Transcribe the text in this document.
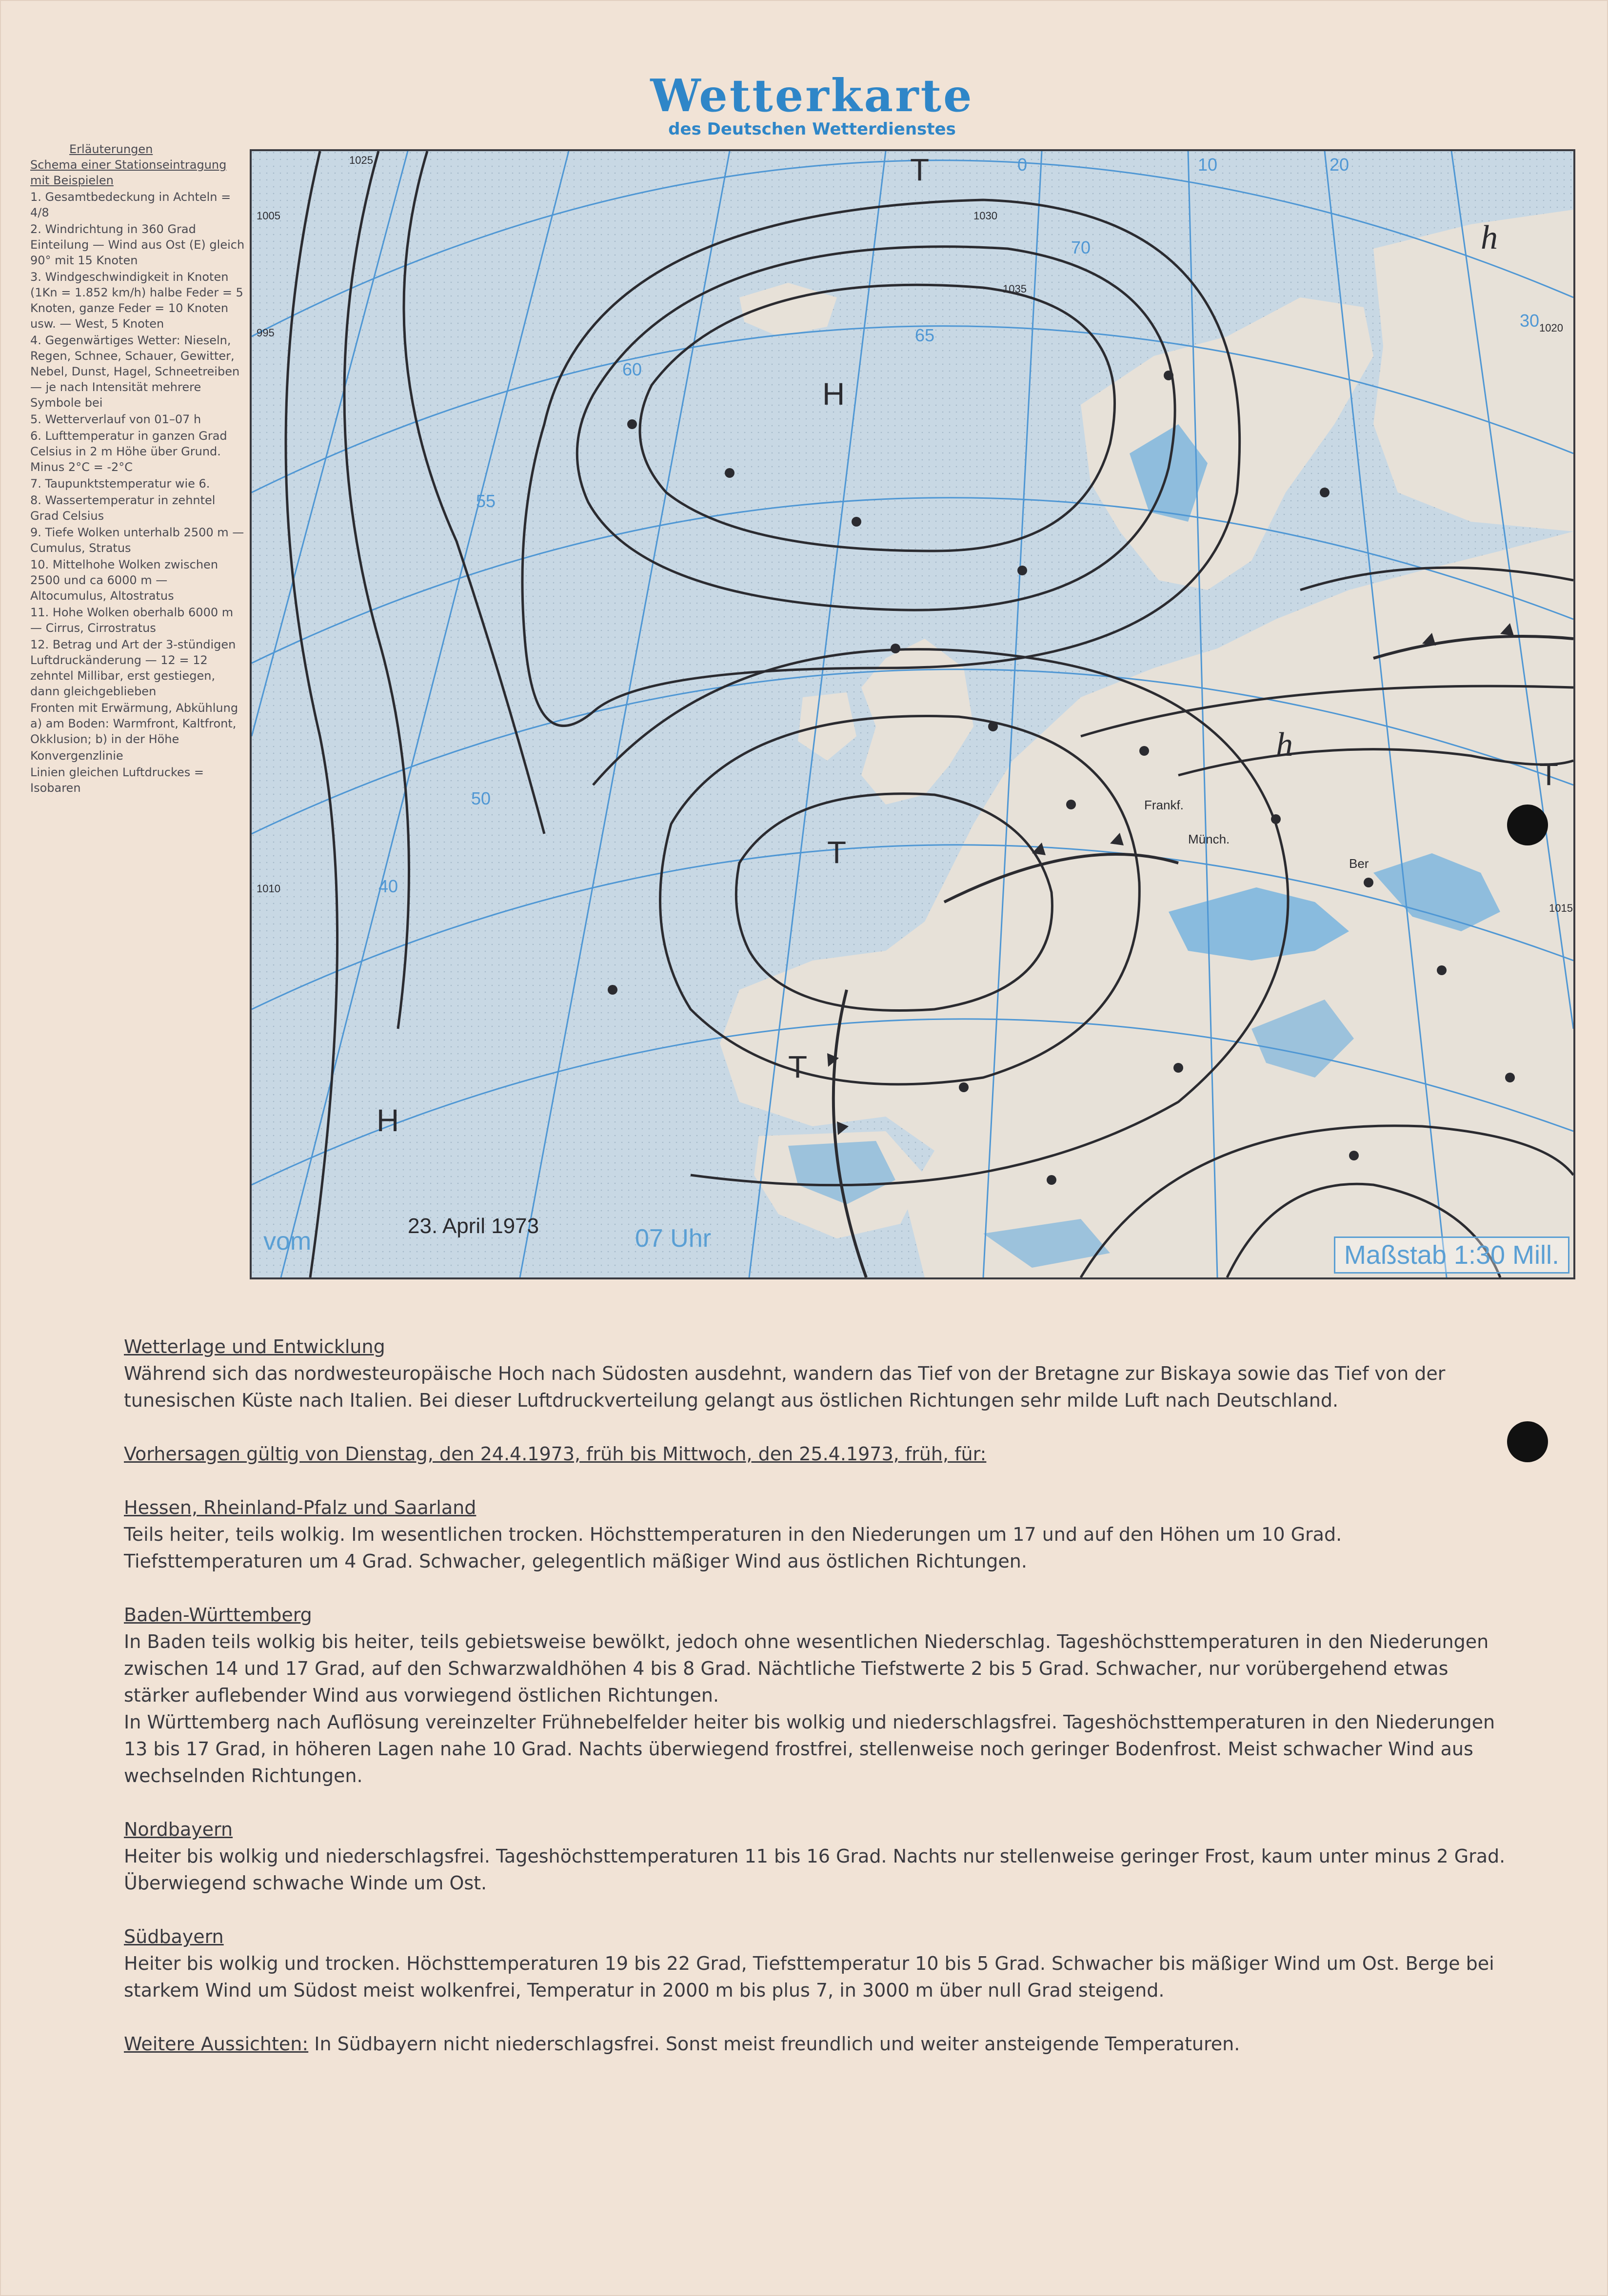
Wetterkarte
des Deutschen Wetterdienstes
Erläuterungen
Schema einer Stationseintragung mit Beispielen
1. Gesamtbedeckung in Achteln = 4/8
2. Windrichtung in 360 Grad Einteilung — Wind aus Ost (E) gleich 90° mit 15 Knoten
3. Windgeschwindigkeit in Knoten (1Kn = 1.852 km/h) halbe Feder = 5 Knoten, ganze Feder = 10 Knoten usw. — West, 5 Knoten
4. Gegenwärtiges Wetter: Nieseln, Regen, Schnee, Schauer, Gewitter, Nebel, Dunst, Hagel, Schneetreiben — je nach Intensität mehrere Symbole bei
5. Wetterverlauf von 01–07 h
6. Lufttemperatur in ganzen Grad Celsius in 2 m Höhe über Grund. Minus 2°C = -2°C
7. Taupunktstemperatur wie 6.
8. Wassertemperatur in zehntel Grad Celsius
9. Tiefe Wolken unterhalb 2500 m — Cumulus, Stratus
10. Mittelhohe Wolken zwischen 2500 und ca 6000 m — Altocumulus, Altostratus
11. Hohe Wolken oberhalb 6000 m — Cirrus, Cirrostratus
12. Betrag und Art der 3-stündigen Luftdruckänderung — 12 = 12 zehntel Millibar, erst gestiegen, dann gleichgeblieben
Fronten mit Erwärmung, Abkühlung a) am Boden: Warmfront, Kaltfront, Okklusion; b) in der Höhe
Konvergenzlinie
Linien gleichen Luftdruckes = Isobaren
H
H
T
T
T
T
h
h
1035
1030
1025
1020
1015
1010
1005
995
0	10	20
30
50
55
60
65
70
40
Frankf.
Münch.
Ber
vom
23. April 1973	07 Uhr
Maßstab 1:30 Mill.
Wetterlage und Entwicklung
Während sich das nordwesteuropäische Hoch nach Südosten ausdehnt, wandern das Tief von der Bretagne zur Biskaya sowie das Tief von der tunesischen Küste nach Italien. Bei dieser Luftdruckverteilung gelangt aus östlichen Richtungen sehr milde Luft nach Deutschland.
Vorhersagen gültig von Dienstag, den 24.4.1973, früh bis Mittwoch, den 25.4.1973, früh, für:
Hessen, Rheinland-Pfalz und Saarland
Teils heiter, teils wolkig. Im wesentlichen trocken. Höchsttemperaturen in den Niederungen um 17 und auf den Höhen um 10 Grad. Tiefsttemperaturen um 4 Grad. Schwacher, gelegentlich mäßiger Wind aus östlichen Richtungen.
Baden-Württemberg
In Baden teils wolkig bis heiter, teils gebietsweise bewölkt, jedoch ohne wesentlichen Niederschlag. Tageshöchsttemperaturen in den Niederungen zwischen 14 und 17 Grad, auf den Schwarzwaldhöhen 4 bis 8 Grad. Nächtliche Tiefstwerte 2 bis 5 Grad. Schwacher, nur vorübergehend etwas stärker auflebender Wind aus vorwiegend östlichen Richtungen.
In Württemberg nach Auflösung vereinzelter Frühnebelfelder heiter bis wolkig und niederschlagsfrei. Tageshöchsttemperaturen in den Niederungen 13 bis 17 Grad, in höheren Lagen nahe 10 Grad. Nachts überwiegend frostfrei, stellenweise noch geringer Bodenfrost. Meist schwacher Wind aus wechselnden Richtungen.
Nordbayern
Heiter bis wolkig und niederschlagsfrei. Tageshöchsttemperaturen 11 bis 16 Grad. Nachts nur stellenweise geringer Frost, kaum unter minus 2 Grad. Überwiegend schwache Winde um Ost.
Südbayern
Heiter bis wolkig und trocken. Höchsttemperaturen 19 bis 22 Grad, Tiefsttemperatur 10 bis 5 Grad. Schwacher bis mäßiger Wind um Ost. Berge bei starkem Wind um Südost meist wolkenfrei, Temperatur in 2000 m bis plus 7, in 3000 m über null Grad steigend.
Weitere Aussichten: In Südbayern nicht niederschlagsfrei. Sonst meist freundlich und weiter ansteigende Temperaturen.
